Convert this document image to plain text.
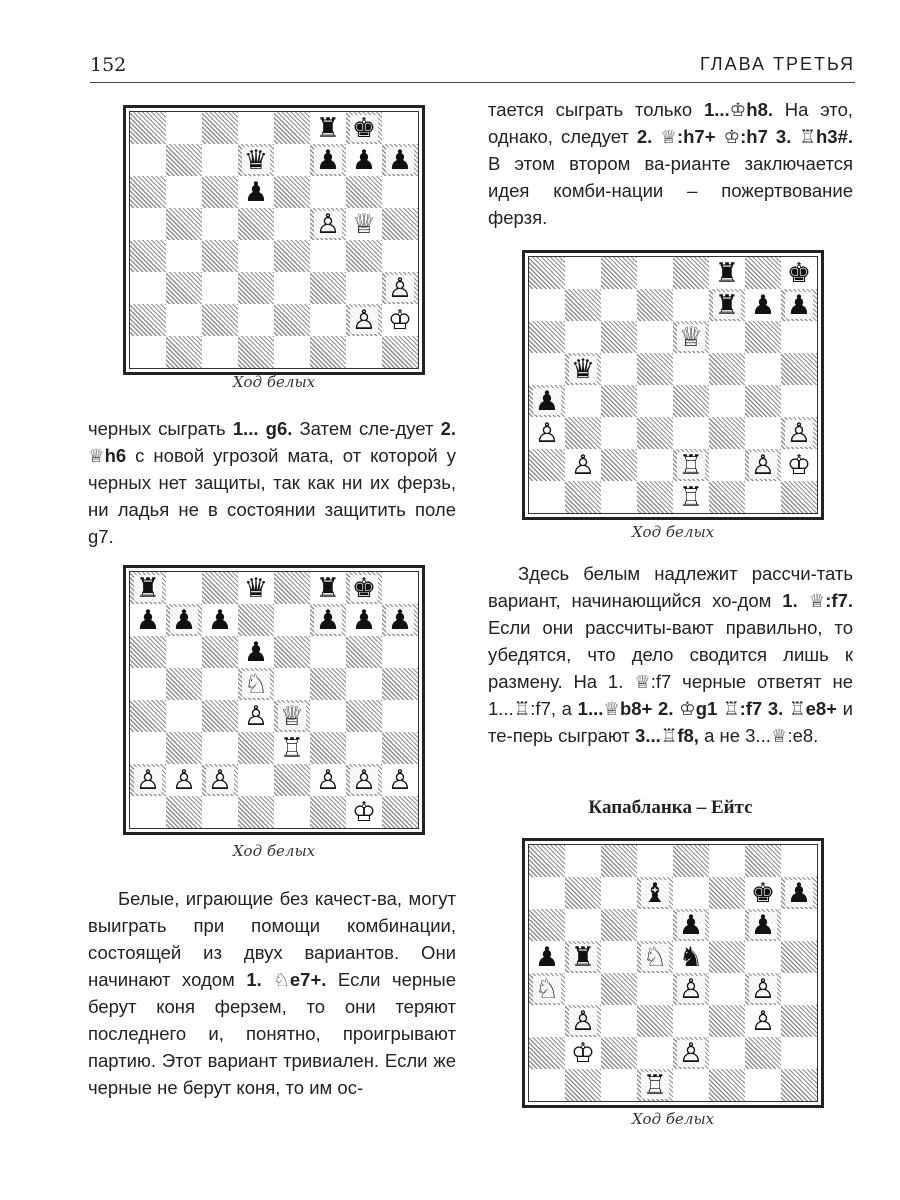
152	ГЛАВА ТРЕТЬЯ
♜ ♚
♛ ♟ ♟ ♟
♟
♙ ♕
♙
♙ ♔
Ход белых
черных сыграть 1... g6. Затем сле-дует 2. ♕h6 с новой угрозой мата, от которой у черных нет защиты, так как ни их ферзь, ни ладья не в состоянии защитить поле g7.
♜	♛ ♜ ♚
♟ ♟ ♟	♟ ♟ ♟
♟
♘
♙ ♕
♖
♙ ♙ ♙	♙ ♙ ♙
♔
Ход белых
Белые, играющие без качест-ва, могут выиграть при помощи комбинации, состоящей из двух вариантов. Они начинают ходом 1. ♘e7+. Если черные берут коня ферзем, то они теряют последнего и, понятно, проигрывают партию. Этот вариант тривиален. Если же черные не берут коня, то им ос-
тается сыграть только 1...♔h8. На это, однако, следует 2. ♕:h7+ ♔:h7 3. ♖h3#. В этом втором ва-рианте заключается идея комби-нации – пожертвование ферзя.
♜ ♚
♜ ♟ ♟
♕
♛
♟
♙	♙
♙	♖ ♙ ♔
♖
Ход белых
Здесь белым надлежит рассчи-тать вариант, начинающийся хо-дом 1. ♕:f7. Если они рассчиты-вают правильно, то убедятся, что дело сводится лишь к размену. На 1. ♕:f7 черные ответят не 1...♖:f7, а 1...♕b8+ 2. ♔g1 ♖:f7 3. ♖e8+ и те-перь сыграют 3...♖f8, а не 3...♕:e8.
Капабланка – Ейтс
♝	♚ ♟
♟ ♟
♟ ♜ ♘ ♞
♘	♙ ♙
♙	♙
♔	♙
♖
Ход белых
